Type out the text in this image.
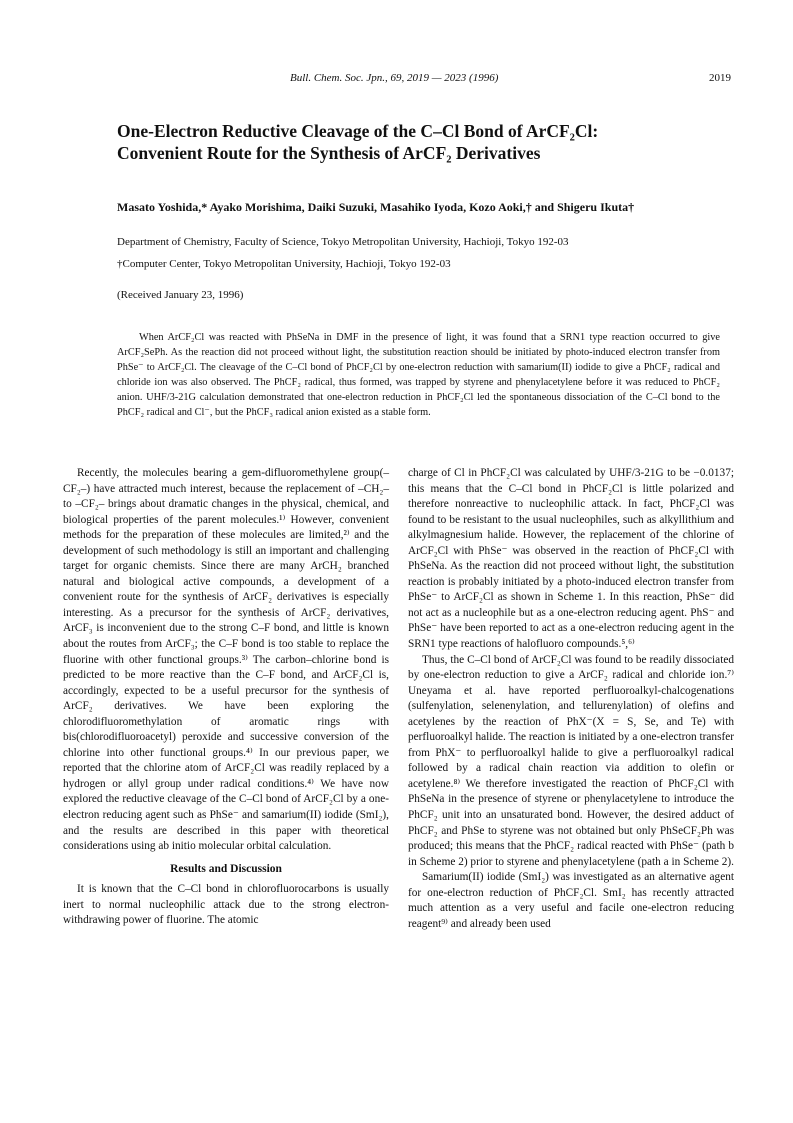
Bull. Chem. Soc. Jpn., 69, 2019 — 2023 (1996)	2019
One-Electron Reductive Cleavage of the C–Cl Bond of ArCF₂Cl:
Convenient Route for the Synthesis of ArCF₂ Derivatives
Masato Yoshida,* Ayako Morishima, Daiki Suzuki, Masahiko Iyoda, Kozo Aoki,† and Shigeru Ikuta†
Department of Chemistry, Faculty of Science, Tokyo Metropolitan University, Hachioji, Tokyo 192-03
†Computer Center, Tokyo Metropolitan University, Hachioji, Tokyo 192-03
(Received January 23, 1996)
When ArCF₂Cl was reacted with PhSeNa in DMF in the presence of light, it was found that a SRN1 type reaction occurred to give ArCF₂SePh. As the reaction did not proceed without light, the substitution reaction should be initiated by photo-induced electron transfer from PhSe⁻ to ArCF₂Cl. The cleavage of the C–Cl bond of PhCF₂Cl by one-electron reduction with samarium(II) iodide to give a PhCF₂ radical and chloride ion was also observed. The PhCF₂ radical, thus formed, was trapped by styrene and phenylacetylene before it was reduced to PhCF₂ anion. UHF/3-21G calculation demonstrated that one-electron reduction in PhCF₂Cl led the spontaneous dissociation of the C–Cl bond to the PhCF₂ radical and Cl⁻, but the PhCF₃ radical anion existed as a stable form.

Recently, the molecules bearing a gem-difluoromethylene group(–CF₂–) have attracted much interest, because the replacement of –CH₂– to –CF₂– brings about dramatic changes in the physical, chemical, and biological properties of the parent molecules.¹⁾ However, convenient methods for the preparation of these molecules are limited,²⁾ and the development of such methodology is still an important and challenging target for organic chemists. Since there are many ArCH₂ branched natural and biological active compounds, a development of a convenient route for the synthesis of ArCF₂ derivatives is especially interesting. As a precursor for the synthesis of ArCF₂ derivatives, ArCF₃ is inconvenient due to the strong C–F bond, and little is known about the routes from ArCF₃; the C–F bond is too stable to replace the fluorine with other functional groups.³⁾ The carbon–chlorine bond is predicted to be more reactive than the C–F bond, and ArCF₂Cl is, accordingly, expected to be a useful precursor for the synthesis of ArCF₂ derivatives. We have been exploring the chlorodifluoromethylation of aromatic rings with bis(chlorodifluoroacetyl) peroxide and successive conversion of the chlorine into other functional groups.⁴⁾ In our previous paper, we reported that the chlorine atom of ArCF₂Cl was readily replaced by a hydrogen or allyl group under radical conditions.⁴⁾ We have now explored the reductive cleavage of the C–Cl bond of ArCF₂Cl by a one-electron reducing agent such as PhSe⁻ and samarium(II) iodide (SmI₂), and the results are described in this paper with theoretical considerations using ab initio molecular orbital calculation.

Results and Discussion

It is known that the C–Cl bond in chlorofluorocarbons is usually inert to normal nucleophilic attack due to the strong electron-withdrawing power of fluorine. The atomic

charge of Cl in PhCF₂Cl was calculated by UHF/3-21G to be −0.0137; this means that the C–Cl bond in PhCF₂Cl is little polarized and therefore nonreactive to nucleophilic attack. In fact, PhCF₂Cl was found to be resistant to the usual nucleophiles, such as alkyllithium and alkylmagnesium halide. However, the replacement of the chlorine of ArCF₂Cl with PhSe⁻ was observed in the reaction of PhCF₂Cl with PhSeNa. As the reaction did not proceed without light, the substitution reaction is probably initiated by a photo-induced electron transfer from PhSe⁻ to ArCF₂Cl as shown in Scheme 1. In this reaction, PhSe⁻ did not act as a nucleophile but as a one-electron reducing agent. PhS⁻ and PhSe⁻ have been reported to act as a one-electron reducing agent in the SRN1 type reactions of halofluoro compounds.⁵,⁶⁾

Thus, the C–Cl bond of ArCF₂Cl was found to be readily dissociated by one-electron reduction to give a ArCF₂ radical and chloride ion.⁷⁾ Uneyama et al. have reported perfluoroalkyl-chalcogenations (sulfenylation, selenenylation, and tellurenylation) of olefins and acetylenes by the reaction of PhX⁻(X = S, Se, and Te) with perfluoroalkyl halide. The reaction is initiated by a one-electron transfer from PhX⁻ to perfluoroalkyl halide to give a perfluoroalkyl radical followed by a radical chain reaction via addition to olefin or acetylene.⁸⁾ We therefore investigated the reaction of PhCF₂Cl with PhSeNa in the presence of styrene or phenylacetylene to introduce the PhCF₂ unit into an unsaturated bond. However, the desired adduct of PhCF₂ and PhSe to styrene was not obtained but only PhSeCF₂Ph was produced; this means that the PhCF₂ radical reacted with PhSe⁻ (path b in Scheme 2) prior to styrene and phenylacetylene (path a in Scheme 2).

Samarium(II) iodide (SmI₂) was investigated as an alternative agent for one-electron reduction of PhCF₂Cl. SmI₂ has recently attracted much attention as a very useful and facile one-electron reducing reagent⁹⁾ and already been used
